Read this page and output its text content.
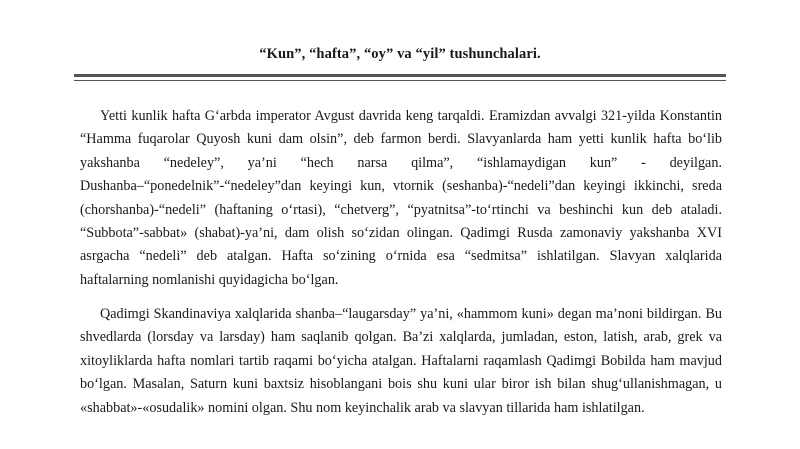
“Kun”, “hafta”, “oy” va “yil” tushunchalari.

Yetti kunlik hafta G‘arbda imperator Avgust davrida keng tarqaldi. Eramizdan avvalgi 321-yilda Konstantin “Hamma fuqarolar Quyosh kuni dam olsin”, deb farmon berdi. Slavyanlarda ham yetti kunlik hafta bo‘lib yakshanba “nedeley”, ya’ni “hech narsa qilma”, “ishlamaydigan kun” - deyilgan. Dushanba–“ponedelnik”-“nedeley”dan keyingi kun, vtornik (seshanba)-“nedeli”dan keyingi ikkinchi, sreda (chorshanba)-“nedeli” (haftaning o‘rtasi), “chetverg”, “pyatnitsa”-to‘rtinchi va beshinchi kun deb ataladi. “Subbota”-sabbat» (shabat)-ya’ni, dam olish so‘zidan olingan. Qadimgi Rusda zamonaviy yakshanba XVI asrgacha “nedeli” deb atalgan. Hafta so‘zining o‘rnida esa “sedmitsa” ishlatilgan. Slavyan xalqlarida haftalarning nomlanishi quyidagicha bo‘lgan.

Qadimgi Skandinaviya xalqlarida shanba–“laugarsday” ya’ni, «hammom kuni» degan ma’noni bildirgan. Bu shvedlarda (lorsday va larsday) ham saqlanib qolgan. Ba’zi xalqlarda, jumladan, eston, latish, arab, grek va xitoyliklarda hafta nomlari tartib raqami bo‘yicha atalgan. Haftalarni raqamlash Qadimgi Bobilda ham mavjud bo‘lgan. Masalan, Saturn kuni baxtsiz hisoblangani bois shu kuni ular biror ish bilan shug‘ullanishmagan, u «shabbat»-«osudalik» nomini olgan. Shu nom keyinchalik arab va slavyan tillarida ham ishlatilgan.
